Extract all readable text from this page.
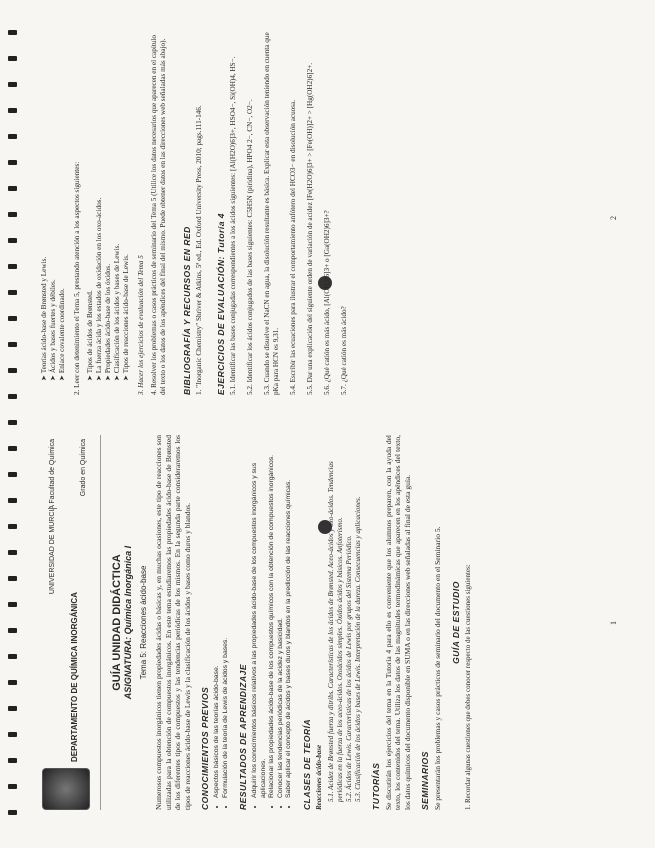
DEPARTAMENTO DE QUÍMICA INORGÁNICA
UNIVERSIDAD DE MURCIA
Facultad de Química	Grado en Química
GUÍA UNIDAD DIDÁCTICA ASIGNATURA: Química Inorgánica I Tema 5: Reacciones ácido-base Numerosos compuestos inorgánicos tienen propiedades ácidas o básicas y, en muchas ocasiones, este tipo de reacciones son utilizadas para la obtención de compuestos inorgánicos. En este tema estudiaremos las propiedades ácido-base de Brønsted de los diferentes tipos de compuestos y las tendencias periódicas de los mismos. En la segunda parte consideraremos los tipos de reacciones ácido-base de Lewis y la clasificación de los ácidos y bases como duros y blandos. CONOCIMIENTOS PREVIOS • Aspectos básicos de las teorías ácido-base. • Formulación de la teoría de Lewis de ácidos y bases. RESULTADOS DE APRENDIZAJE • Adquirir los conocimientos básicos relativos a las propiedades ácido-base de los compuestos inorgánicos y sus aplicaciones. • Relacionar las propiedades ácido-base de los compuestos químicos con la obtención de compuestos inorgánicos. • Conocer las tendencias periódicas de la acidez y basicidad. • Saber aplicar el concepto de ácidos y bases duros y blandos en la predicción de las reacciones químicas. CLASES DE TEORÍA Reacciones ácido-base 5.1. Acidez de Brønsted fuerza y ditribs. Características de los ácidos de Brønsted. Aceo-ácidos y oxo-ácidos. Tendencias periódicas en la fuerza de los aceo-ácidos. Oxoácidos simples. Óxidos ácidos y básicos. Anfoterismo. 5.2. Ácidos de Lewis. Características de los ácidos de Lewis por grupos del Sistema Periódico. 5.3. Clasificación de los ácidos y bases de Lewis. Interpretación de la dureza. Consecuencias y aplicaciones. TUTORÍAS Se discutirán los ejercicios del tema en la Tutoría 4 para ello es conveniente que los alumnos preparen, con la ayuda del texto, los contenidos del tema. Utiliza los datos de las magnitudes termodinámicas que aparecen en los apéndices del texto, los datos químicos del documento disponible en SUMA o en las direcciones web señaladas al final de esta guía. SEMINARIOS Se presentarán los problemas y casos prácticos de seminario del documento en el Seminario 5. GUÍA DE ESTUDIO 1. Recordar algunas cuestiones que debes conocer respecto de las cuestiones siguientes:	1
➤ Teorías ácido-base de Brønsted y Lewis.
➤ Ácidos y bases fuertes y débiles.
➤ Enlace covalente coordinado. 2. Leer con detenimiento el Tema 5, prestando atención a los aspectos siguientes: ➤ Tipos de ácidos de Brønsted.
➤ La fuerza ácida y los estados de oxidación en los oxo-ácidos.
➤ Propiedades ácido-base de los óxidos.
➤ Clasificación de los ácidos y bases de Lewis.
➤ Tipos de reacciones ácido-base de Lewis. 3. Hacer los ejercicios de evaluación del Tema 5 4. Resolver los problemas o casos prácticos de seminario del Tema 5 (Utilice los datos necesarios que aparecen en el capítulo del texto o los datos de los apéndices del final del mismo. Puede obtener datos en las direcciones web señaladas más abajo). BIBLIOGRAFÍA Y RECURSOS EN RED 1. "Inorganic Chemistry" Shriver & Atkins, 5ª ed., Ed. Oxford University Press, 2010; pags.111-146. EJERCICIOS DE EVALUACIÓN: Tutoría 4 5.1. Identificar las bases conjugadas correspondientes a los ácidos siguientes: [Al(H2O)6]3+, HSO4−, Si(OH)4, HS−. 5.2. Identificar los ácidos conjugados de las bases siguientes: C5H5N (piridina), HPO4 2−, CN−, O2−. 5.3. Cuando se disuelve el NaCN en agua, la disolución resultante es básica. Explicar esta observación teniendo en cuenta que pKa para HCN es 9,31. 5.4. Escribir las ecuaciones para ilustrar el comportamiento anfótero del HCO3− en disolución acuosa. 5.5. Dar una explicación del siguiente orden de variación de acidez [Fe(H2O)6]3+ > [Fe(OH)]2+ > [Hg(OH2)6]2+. 5.6. ¿Qué catión es más ácido, [Al(OH2)6]3+ o [Ga(OH2)6]3+? 5.7. ¿Qué catión es más ácido?
2
